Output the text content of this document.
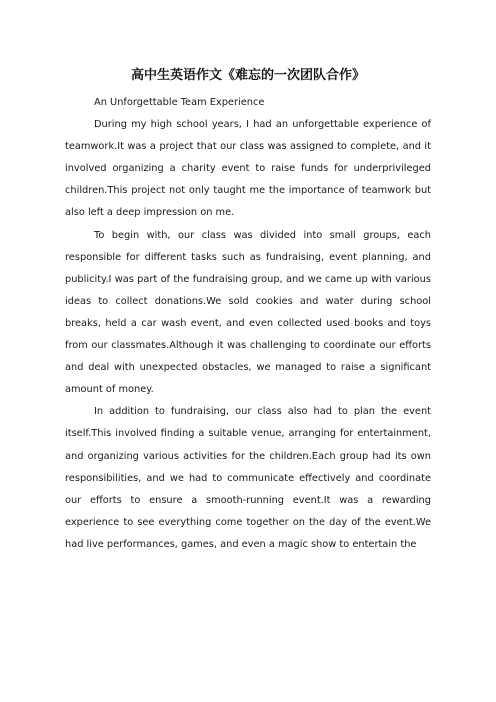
高中生英语作文《难忘的一次团队合作》

An Unforgettable Team Experience

During my high school years, I had an unforgettable experience of teamwork.It was a project that our class was assigned to complete, and it involved organizing a charity event to raise funds for underprivileged children.This project not only taught me the importance of teamwork but also left a deep impression on me.

To begin with, our class was divided into small groups, each responsible for different tasks such as fundraising, event planning, and publicity.I was part of the fundraising group, and we came up with various ideas to collect donations.We sold cookies and water during school breaks, held a car wash event, and even collected used books and toys from our classmates.Although it was challenging to coordinate our efforts and deal with unexpected obstacles, we managed to raise a significant amount of money.

In addition to fundraising, our class also had to plan the event itself.This involved finding a suitable venue, arranging for entertainment, and organizing various activities for the children.Each group had its own responsibilities, and we had to communicate effectively and coordinate our efforts to ensure a smooth-running event.It was a rewarding experience to see everything come together on the day of the event.We had live performances, games, and even a magic show to entertain the
